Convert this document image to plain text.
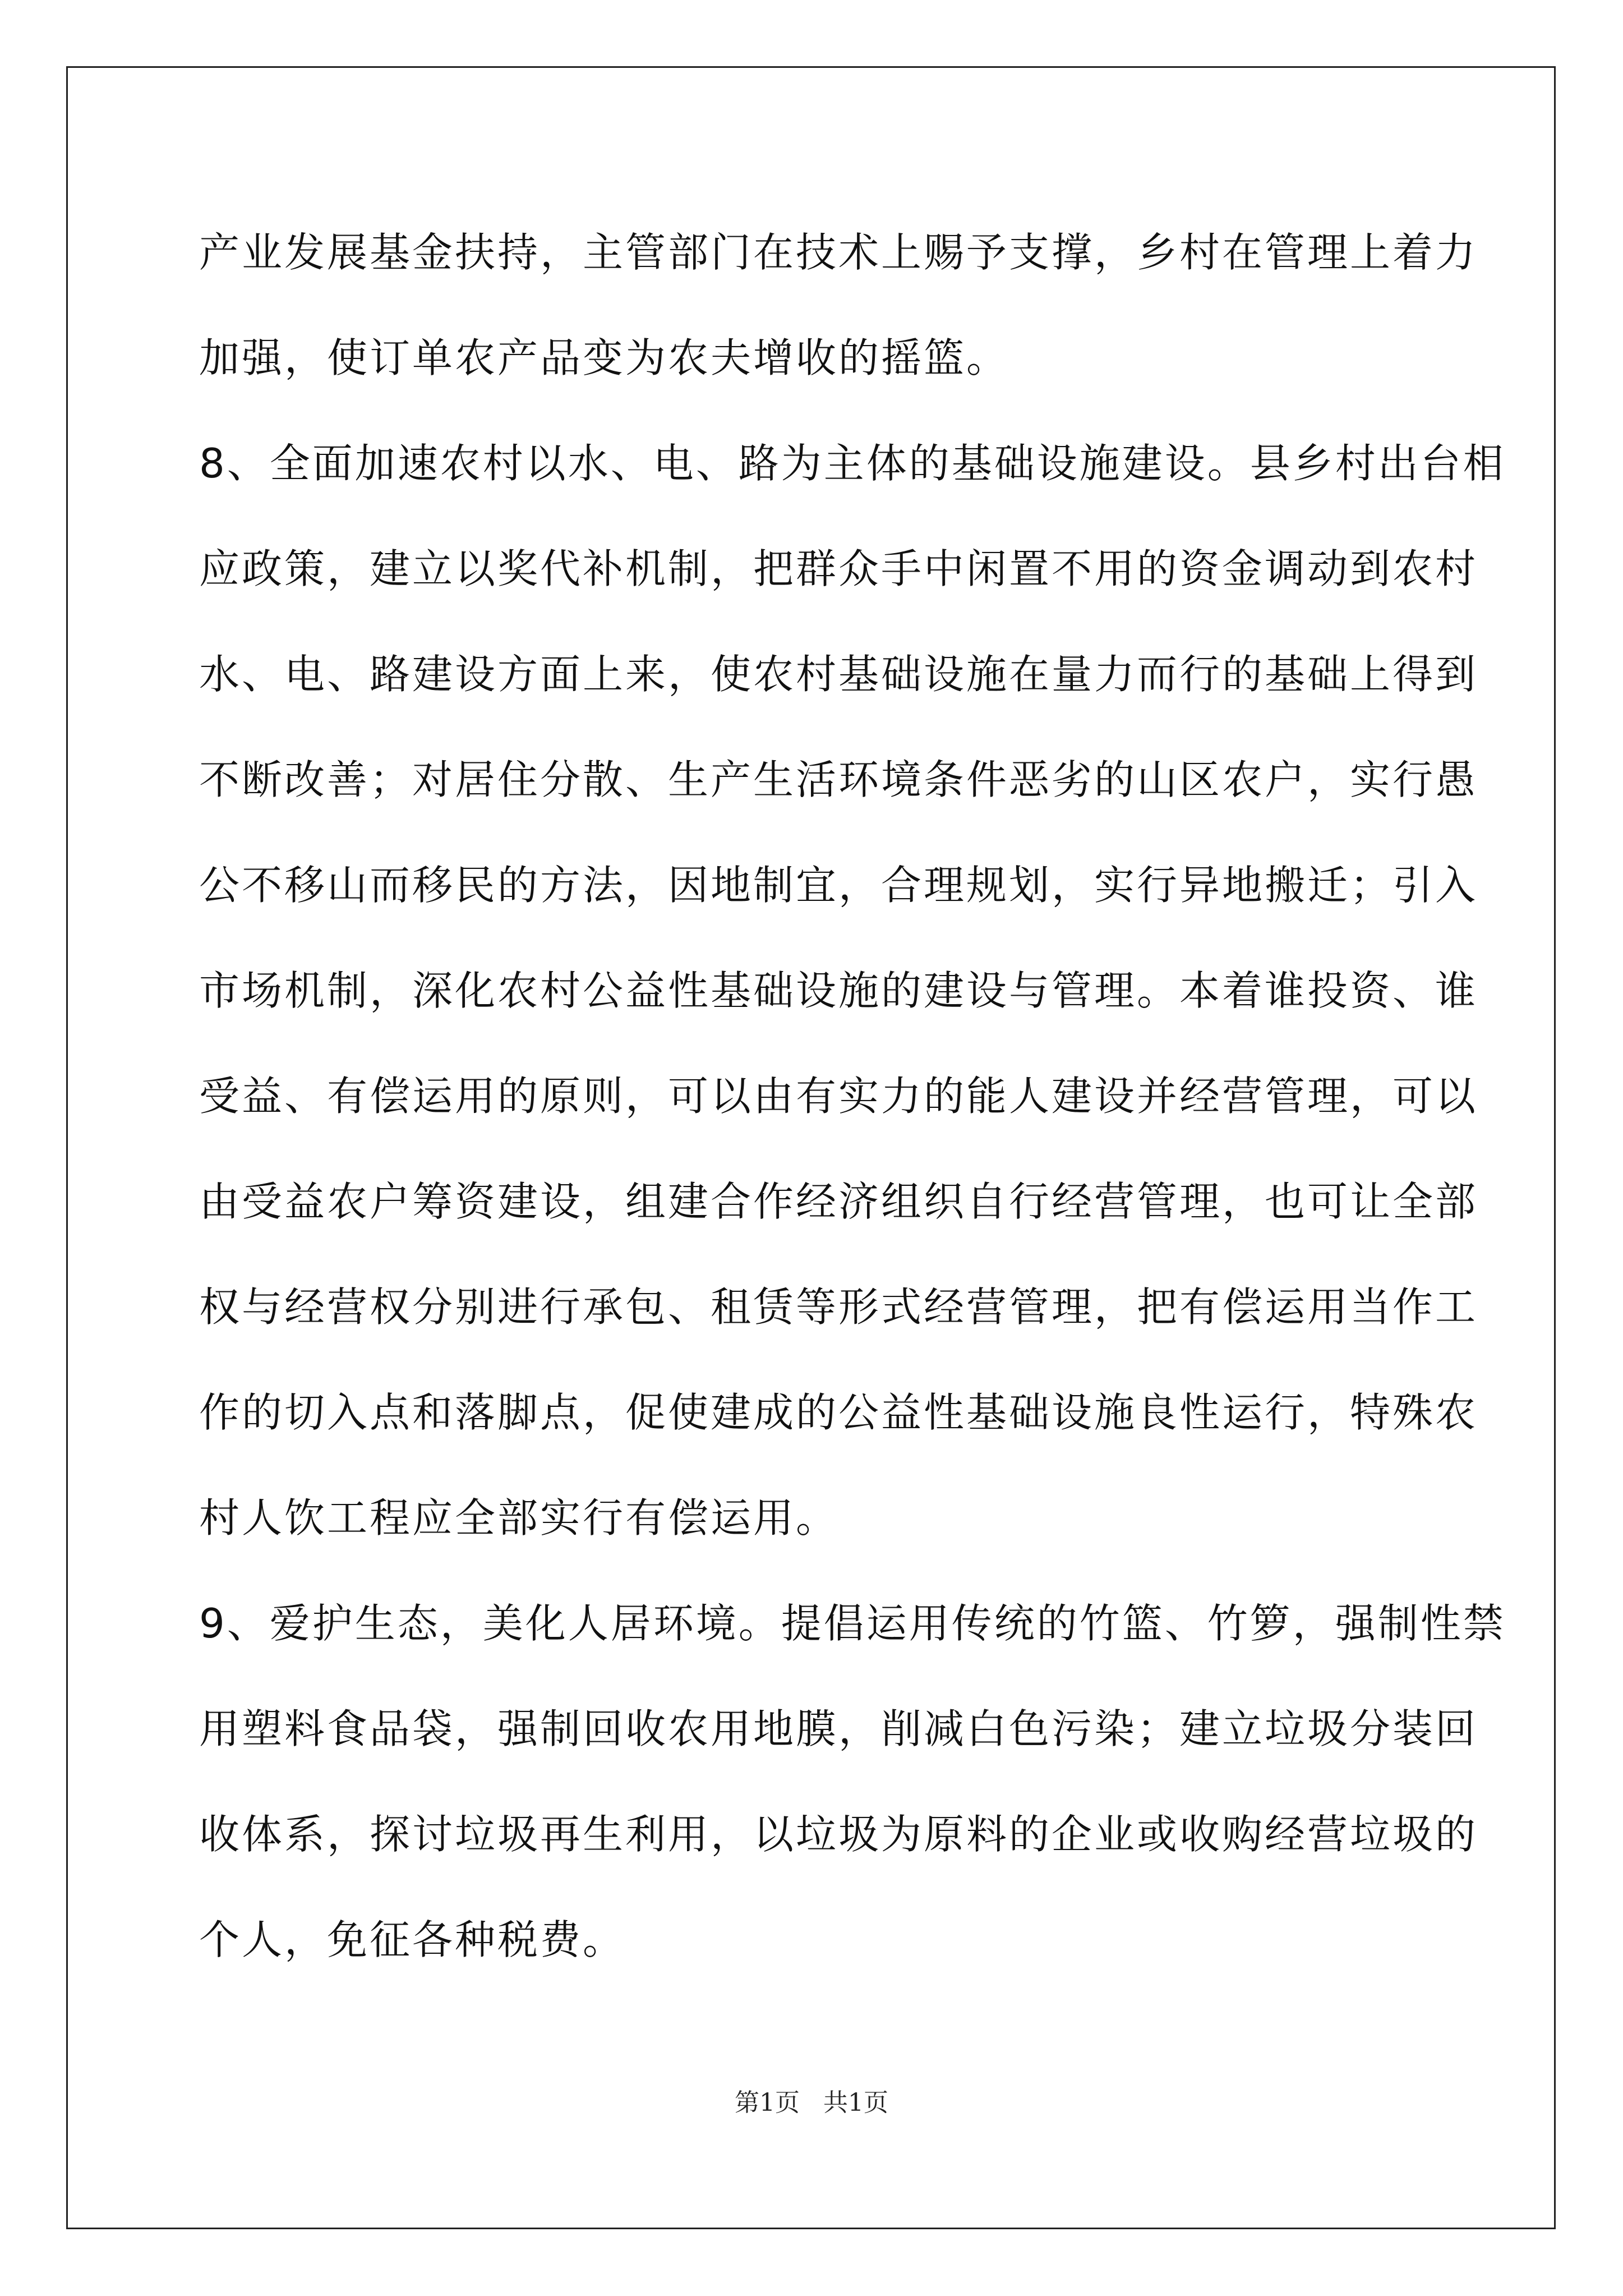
产业发展基金扶持，主管部门在技术上赐予支撑，乡村在管理上着力
加强，使订单农产品变为农夫增收的摇篮。
8、全面加速农村以水、电、路为主体的基础设施建设。县乡村出台相
应政策，建立以奖代补机制，把群众手中闲置不用的资金调动到农村
水、电、路建设方面上来，使农村基础设施在量力而行的基础上得到
不断改善；对居住分散、生产生活环境条件恶劣的山区农户，实行愚
公不移山而移民的方法，因地制宜，合理规划，实行异地搬迁；引入
市场机制，深化农村公益性基础设施的建设与管理。本着谁投资、谁
受益、有偿运用的原则，可以由有实力的能人建设并经营管理，可以
由受益农户筹资建设，组建合作经济组织自行经营管理，也可让全部
权与经营权分别进行承包、租赁等形式经营管理，把有偿运用当作工
作的切入点和落脚点，促使建成的公益性基础设施良性运行，特殊农
村人饮工程应全部实行有偿运用。
9、爱护生态，美化人居环境。提倡运用传统的竹篮、竹箩，强制性禁
用塑料食品袋，强制回收农用地膜，削减白色污染；建立垃圾分装回
收体系，探讨垃圾再生利用，以垃圾为原料的企业或收购经营垃圾的
个人，免征各种税费。
第1页   共1页
